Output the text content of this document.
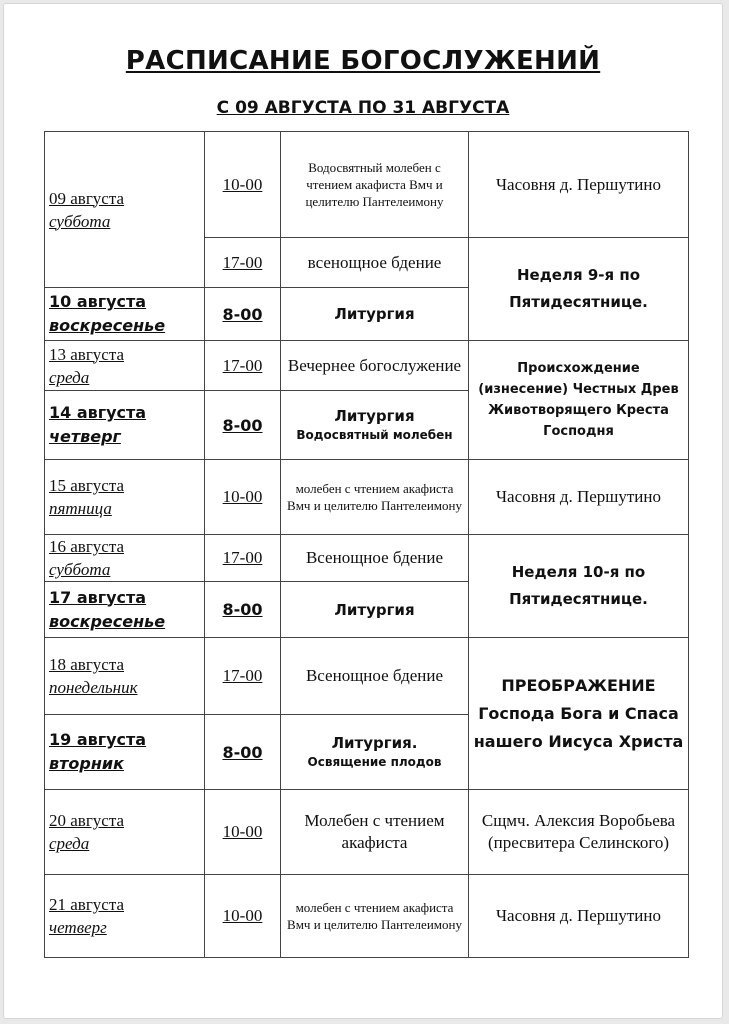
РАСПИСАНИЕ БОГОСЛУЖЕНИЙ
С 09 АВГУСТА ПО 31 АВГУСТА
09 августа
суббота	10-00	Водосвятный молебен с чтением акафиста Вмч и целителю Пантелеимону	Часовня д. Першутино
	17-00	всенощное бдение	Неделя 9-я по Пятидесятнице.

10 августа
воскресенье	8-00	Литургия	

13 августа
среда	17-00	Вечернее богослужение	Происхождение (изнесение) Честных Древ Животворящего Креста Господня

14 августа
четверг	8-00	Литургия
Водосвятный молебен	

15 августа
пятница	10-00	молебен с чтением акафиста Вмч и целителю Пантелеимону	Часовня д. Першутино

16 августа
суббота	17-00	Всенощное бдение	Неделя 10-я по Пятидесятнице.

17 августа
воскресенье	8-00	Литургия	

18 августа
понедельник	17-00	Всенощное бдение	ПРЕОБРАЖЕНИЕ Господа Бога и Спаса нашего Иисуса Христа

19 августа
вторник	8-00	Литургия.
Освящение плодов	

20 августа
среда	10-00	Молебен с чтением акафиста	Сщмч. Алексия Воробьева (пресвитера Селинского)

21 августа
четверг	10-00	молебен с чтением акафиста Вмч и целителю Пантелеимону	Часовня д. Першутино
